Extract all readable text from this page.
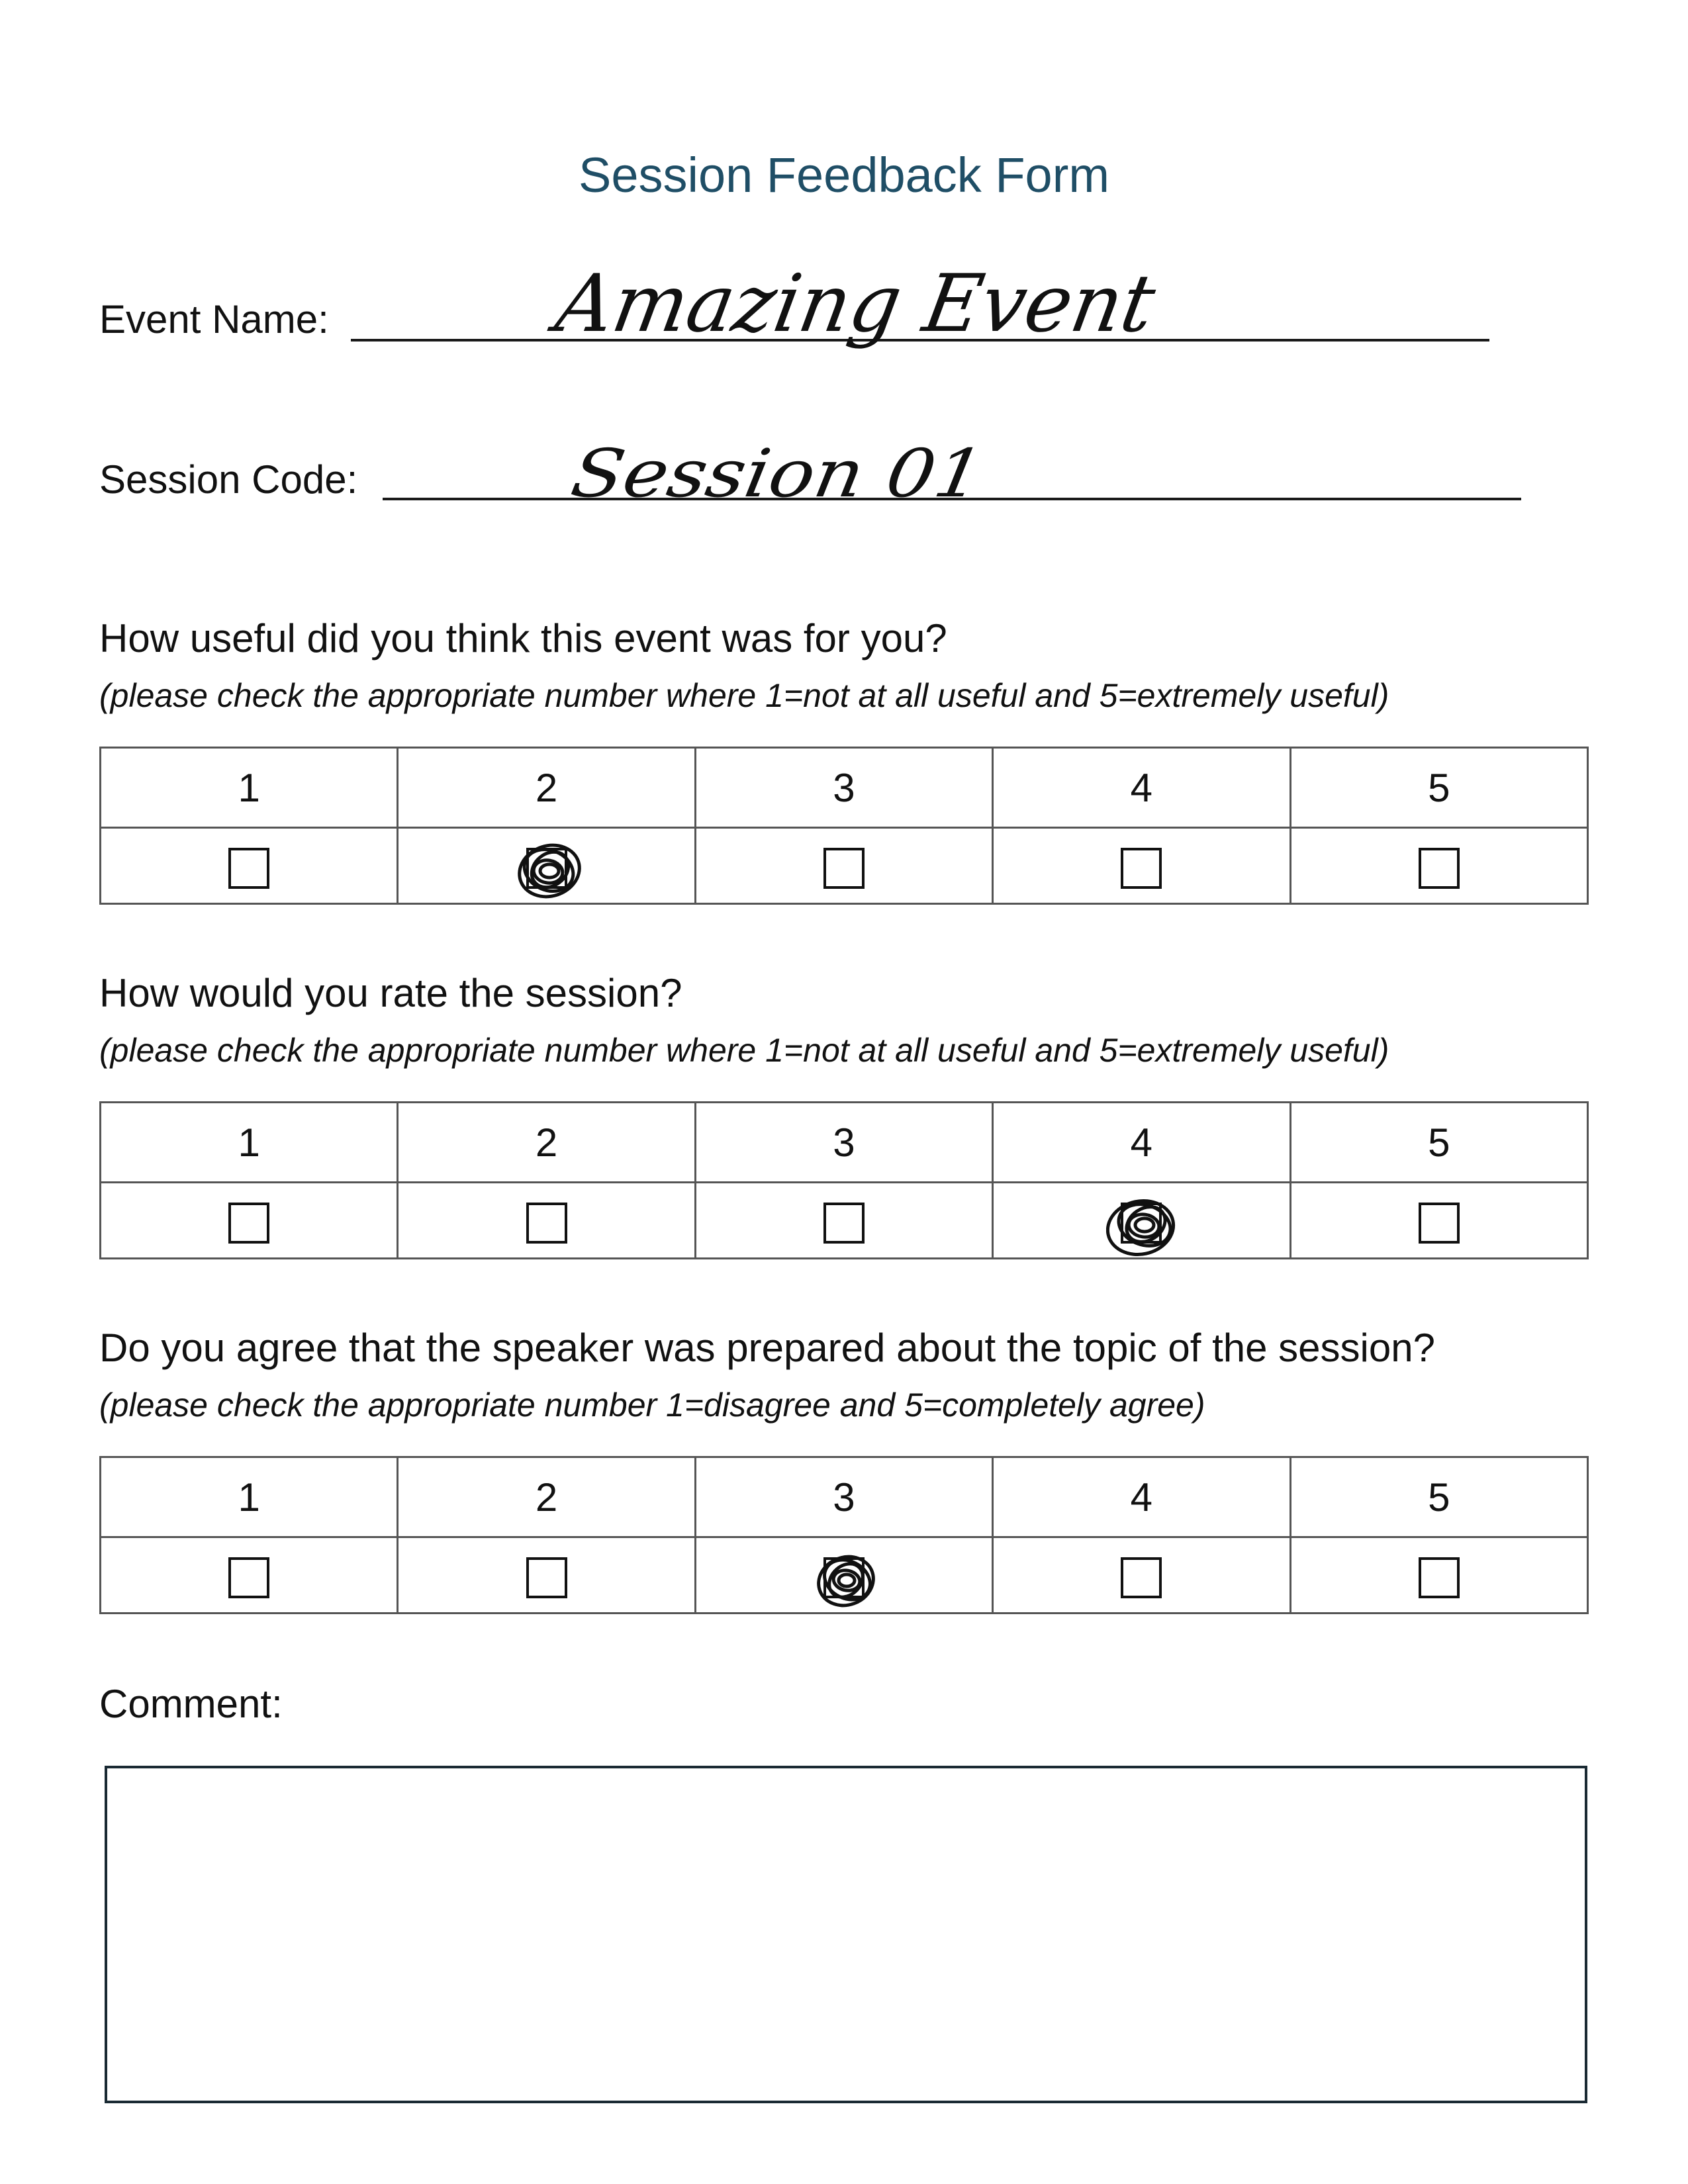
Session Feedback Form
Event Name:	Amazing Event
Session Code:	Session 01
How useful did you think this event was for you?
(please check the appropriate number where 1=not at all useful and 5=extremely useful)
1	2	3	4	5

How would you rate the session?
(please check the appropriate number where 1=not at all useful and 5=extremely useful)
1	2	3	4	5

Do you agree that the speaker was prepared about the topic of the session?
(please check the appropriate number 1=disagree and 5=completely agree)
1	2	3	4	5

Comment:
